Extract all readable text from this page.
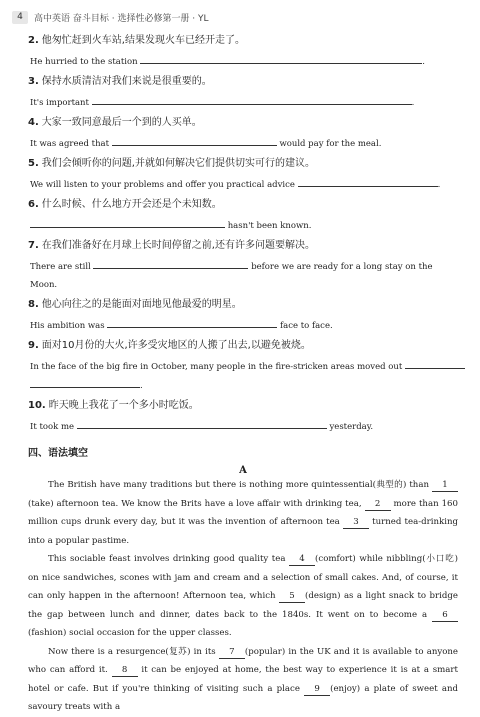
4	高中英语 奋斗目标 · 选择性必修第一册 · YL
2. 他匆忙赶到火车站,结果发现火车已经开走了。
He hurried to the station	.
3. 保持水质清洁对我们来说是很重要的。
It's important	.
4. 大家一致同意最后一个到的人买单。
It was agreed that	would pay for the meal.
5. 我们会倾听你的问题,并就如何解决它们提供切实可行的建议。
We will listen to your problems and offer you practical advice	.
6. 什么时候、什么地方开会还是个未知数。
hasn't been known.
7. 在我们准备好在月球上长时间停留之前,还有许多问题要解决。
There are still	before we are ready for a long stay on the
Moon.
8. 他心向往之的是能面对面地见他最爱的明星。
His ambition was	face to face.
9. 面对10月份的大火,许多受灾地区的人搬了出去,以避免被烧。
In the face of the big fire in October, many people in the fire-stricken areas moved out
.
10. 昨天晚上我花了一个多小时吃饭。
It took me	yesterday.
四、语法填空
A

The British have many traditions but there is nothing more quintessential(典型的) than 1 (take) afternoon tea. We know the Brits have a love affair with drinking tea, 2 more than 160 million cups drunk every day, but it was the invention of afternoon tea 3 turned tea-drinking into a popular pastime.

This sociable feast involves drinking good quality tea 4 (comfort) while nibbling(小口吃) on nice sandwiches, scones with jam and cream and a selection of small cakes. And, of course, it can only happen in the afternoon! Afternoon tea, which 5 (design) as a light snack to bridge the gap between lunch and dinner, dates back to the 1840s. It went on to become a 6(fashion) social occasion for the upper classes.

Now there is a resurgence(复苏) in its 7 (popular) in the UK and it is available to anyone who can afford it. 8 it can be enjoyed at home, the best way to experience it is at a smart hotel or cafe. But if you're thinking of visiting such a place 9 (enjoy) a plate of sweet and savoury treats with a
